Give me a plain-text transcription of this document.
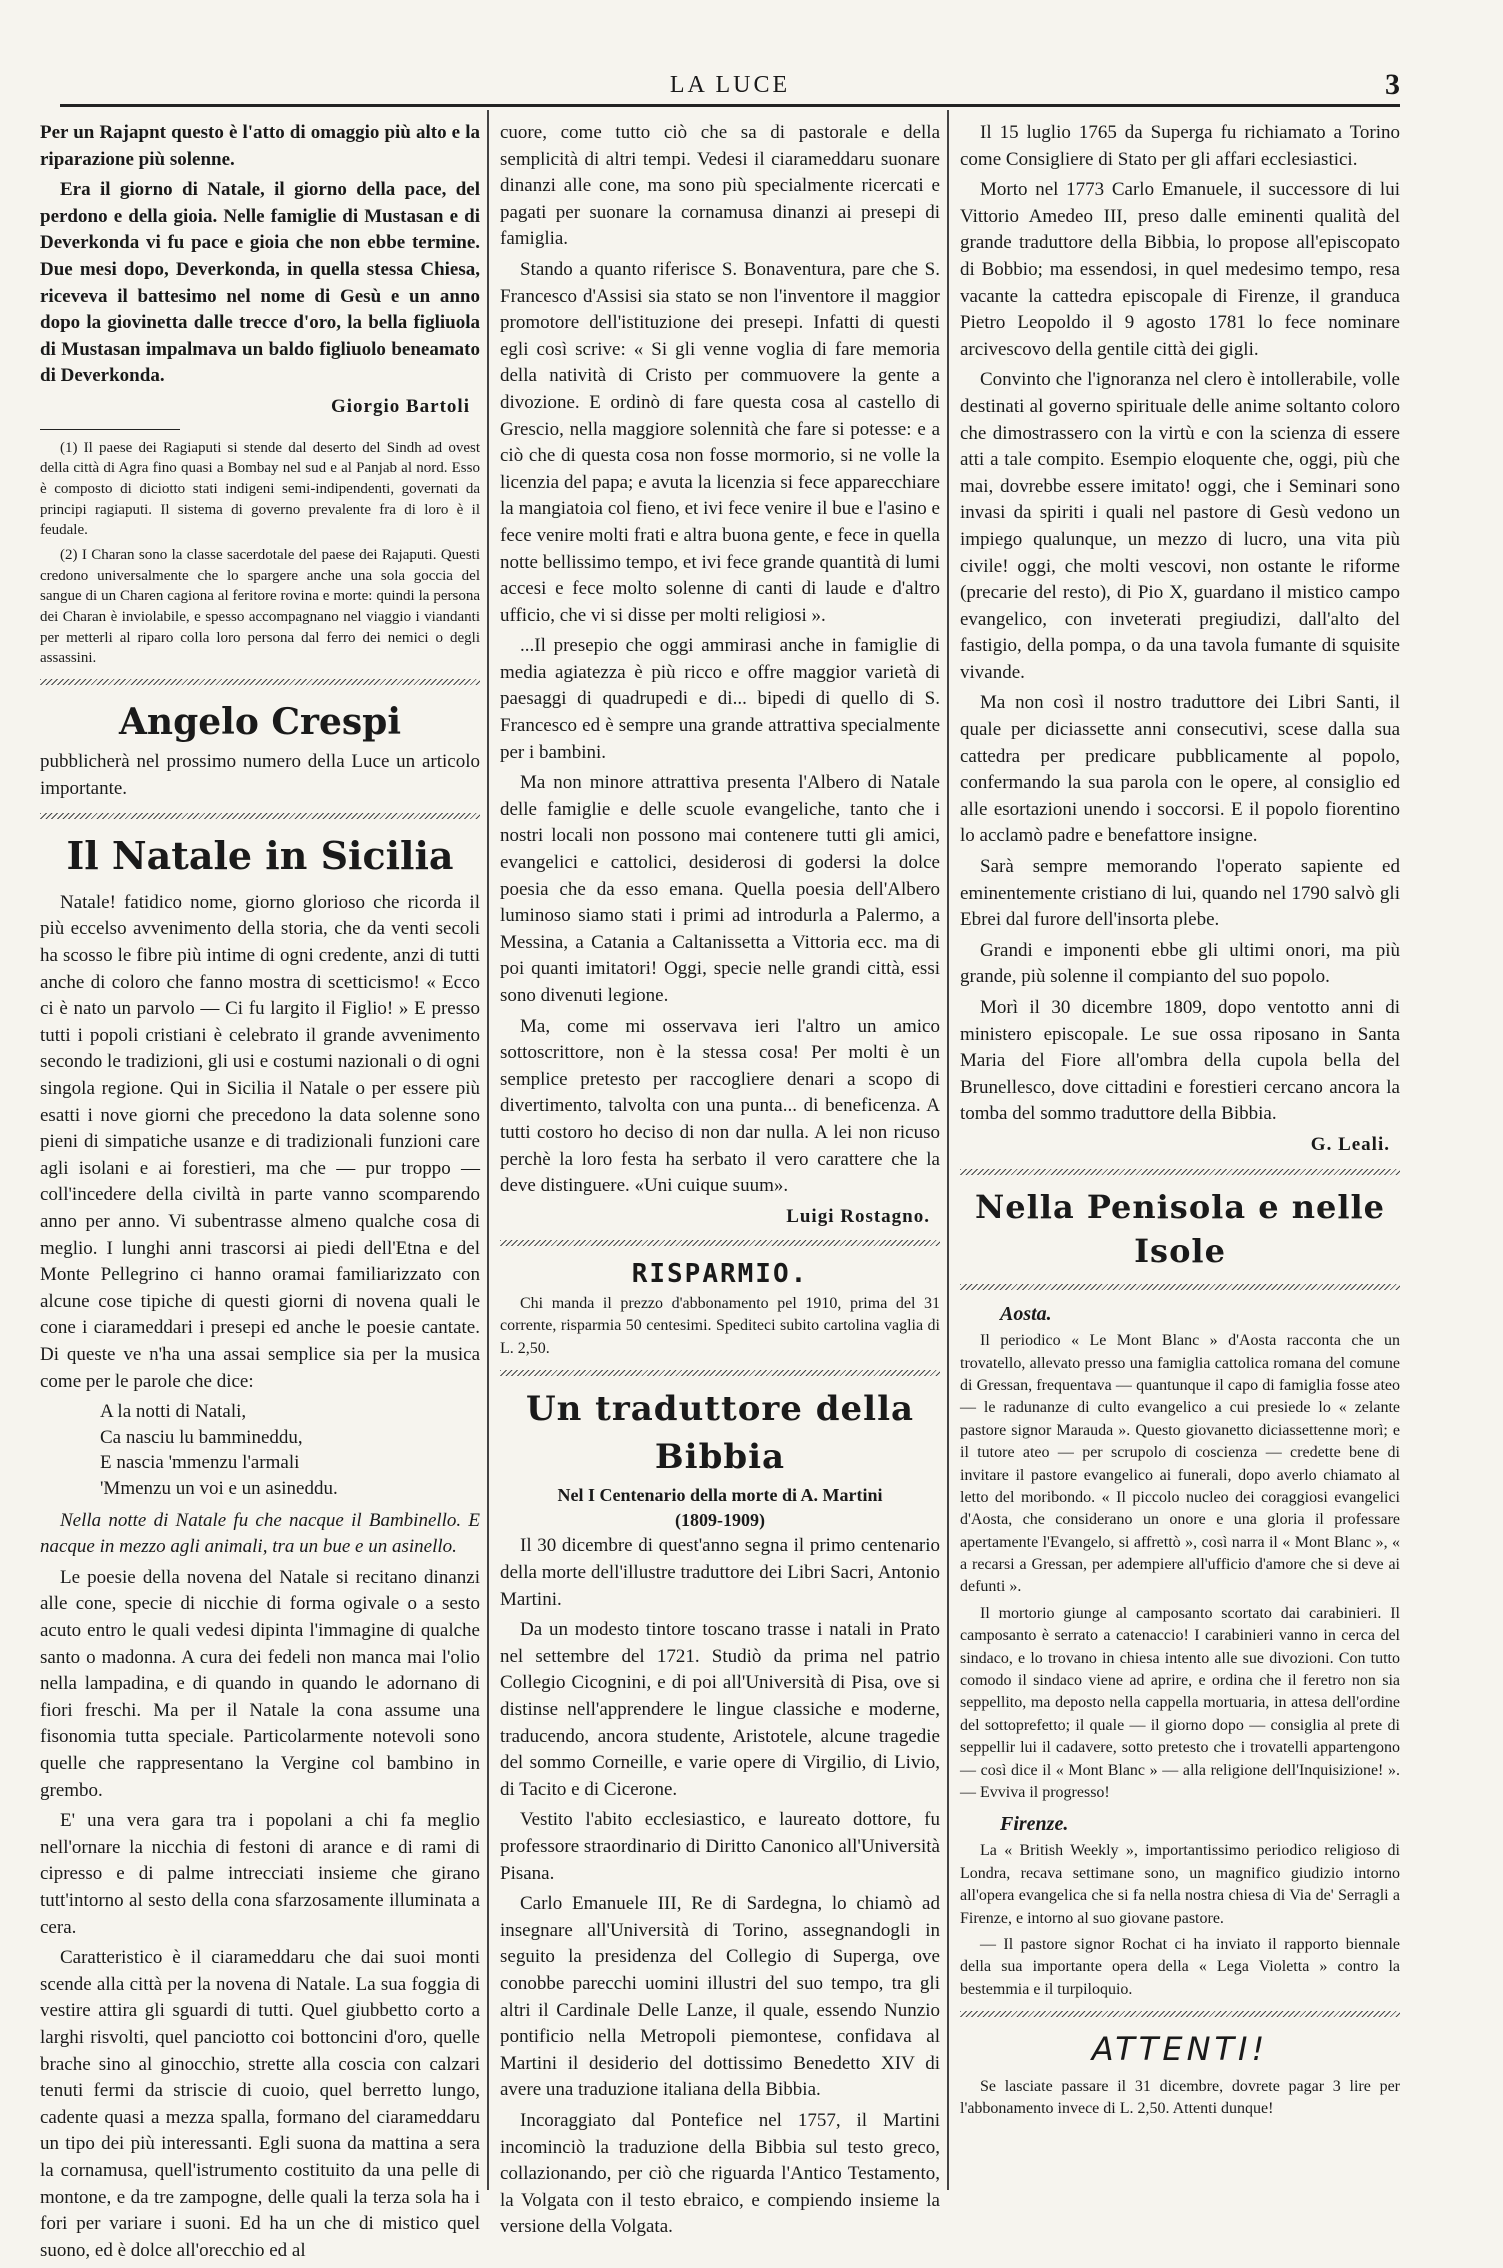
LA LUCE	3

Per un Rajapnt questo è l'atto di omaggio più alto e la riparazione più solenne.

Era il giorno di Natale, il giorno della pace, del perdono e della gioia. Nelle famiglie di Mustasan e di Deverkonda vi fu pace e gioia che non ebbe termine. Due mesi dopo, Deverkonda, in quella stessa Chiesa, riceveva il battesimo nel nome di Gesù e un anno dopo la giovinetta dalle trecce d'oro, la bella figliuola di Mustasan impalmava un baldo figliuolo beneamato di Deverkonda.

Giorgio Bartoli

(1) Il paese dei Ragiaputi si stende dal deserto del Sindh ad ovest della città di Agra fino quasi a Bombay nel sud e al Panjab al nord. Esso è composto di diciotto stati indigeni semi-indipendenti, governati da principi ragiaputi. Il sistema di governo prevalente fra di loro è il feudale.

(2) I Charan sono la classe sacerdotale del paese dei Rajaputi. Questi credono universalmente che lo spargere anche una sola goccia del sangue di un Charen cagiona al feritore rovina e morte: quindi la persona dei Charan è inviolabile, e spesso accompagnano nel viaggio i viandanti per metterli al riparo colla loro persona dal ferro dei nemici o degli assassini.

Angelo Crespi

pubblicherà nel prossimo numero della Luce un articolo importante.

Il Natale in Sicilia

Natale! fatidico nome, giorno glorioso che ricorda il più eccelso avvenimento della storia, che da venti secoli ha scosso le fibre più intime di ogni credente, anzi di tutti anche di coloro che fanno mostra di scetticismo! « Ecco ci è nato un parvolo — Ci fu largito il Figlio! » E presso tutti i popoli cristiani è celebrato il grande avvenimento secondo le tradizioni, gli usi e costumi nazionali o di ogni singola regione. Qui in Sicilia il Natale o per essere più esatti i nove giorni che precedono la data solenne sono pieni di simpatiche usanze e di tradizionali funzioni care agli isolani e ai forestieri, ma che — pur troppo — coll'incedere della civiltà in parte vanno scomparendo anno per anno. Vi subentrasse almeno qualche cosa di meglio. I lunghi anni trascorsi ai piedi dell'Etna e del Monte Pellegrino ci hanno oramai familiarizzato con alcune cose tipiche di questi giorni di novena quali le cone i ciarameddari i presepi ed anche le poesie cantate. Di queste ve n'ha una assai semplice sia per la musica come per le parole che dice:

A la notti di Natali,
Ca nasciu lu bammineddu,
E nascia 'mmenzu l'armali
'Mmenzu un voi e un asineddu.

Nella notte di Natale fu che nacque il Bambinello. E nacque in mezzo agli animali, tra un bue e un asinello.

Le poesie della novena del Natale si recitano dinanzi alle cone, specie di nicchie di forma ogivale o a sesto acuto entro le quali vedesi dipinta l'immagine di qualche santo o madonna. A cura dei fedeli non manca mai l'olio nella lampadina, e di quando in quando le adornano di fiori freschi. Ma per il Natale la cona assume una fisonomia tutta speciale. Particolarmente notevoli sono quelle che rappresentano la Vergine col bambino in grembo.

E' una vera gara tra i popolani a chi fa meglio nell'ornare la nicchia di festoni di arance e di rami di cipresso e di palme intrecciati insieme che girano tutt'intorno al sesto della cona sfarzosamente illuminata a cera.

Caratteristico è il ciarameddaru che dai suoi monti scende alla città per la novena di Natale. La sua foggia di vestire attira gli sguardi di tutti. Quel giubbetto corto a larghi risvolti, quel panciotto coi bottoncini d'oro, quelle brache sino al ginocchio, strette alla coscia con calzari tenuti fermi da striscie di cuoio, quel berretto lungo, cadente quasi a mezza spalla, formano del ciarameddaru un tipo dei più interessanti. Egli suona da mattina a sera la cornamusa, quell'istrumento costituito da una pelle di montone, e da tre zampogne, delle quali la terza sola ha i fori per variare i suoni. Ed ha un che di mistico quel suono, ed è dolce all'orecchio ed al

cuore, come tutto ciò che sa di pastorale e della semplicità di altri tempi. Vedesi il ciarameddaru suonare dinanzi alle cone, ma sono più specialmente ricercati e pagati per suonare la cornamusa dinanzi ai presepi di famiglia.

Stando a quanto riferisce S. Bonaventura, pare che S. Francesco d'Assisi sia stato se non l'inventore il maggior promotore dell'istituzione dei presepi. Infatti di questi egli così scrive: « Si gli venne voglia di fare memoria della natività di Cristo per commuovere la gente a divozione. E ordinò di fare questa cosa al castello di Grescio, nella maggiore solennità che fare si potesse: e a ciò che di questa cosa non fosse mormorio, si ne volle la licenzia del papa; e avuta la licenzia si fece apparecchiare la mangiatoia col fieno, et ivi fece venire il bue e l'asino e fece venire molti frati e altra buona gente, e fece in quella notte bellissimo tempo, et ivi fece grande quantità di lumi accesi e fece molto solenne di canti di laude e d'altro ufficio, che vi si disse per molti religiosi ».

...Il presepio che oggi ammirasi anche in famiglie di media agiatezza è più ricco e offre maggior varietà di paesaggi di quadrupedi e di... bipedi di quello di S. Francesco ed è sempre una grande attrattiva specialmente per i bambini.

Ma non minore attrattiva presenta l'Albero di Natale delle famiglie e delle scuole evangeliche, tanto che i nostri locali non possono mai contenere tutti gli amici, evangelici e cattolici, desiderosi di godersi la dolce poesia che da esso emana. Quella poesia dell'Albero luminoso siamo stati i primi ad introdurla a Palermo, a Messina, a Catania a Caltanissetta a Vittoria ecc. ma di poi quanti imitatori! Oggi, specie nelle grandi città, essi sono divenuti legione.

Ma, come mi osservava ieri l'altro un amico sottoscrittore, non è la stessa cosa! Per molti è un semplice pretesto per raccogliere denari a scopo di divertimento, talvolta con una punta... di beneficenza. A tutti costoro ho deciso di non dar nulla. A lei non ricuso perchè la loro festa ha serbato il vero carattere che la deve distinguere. «Uni cuique suum».

Luigi Rostagno.

RISPARMIO.

Chi manda il prezzo d'abbonamento pel 1910, prima del 31 corrente, risparmia 50 centesimi. Spediteci subito cartolina vaglia di L. 2,50.

Un traduttore della Bibbia

Nel I Centenario della morte di A. Martini

(1809-1909)

Il 30 dicembre di quest'anno segna il primo centenario della morte dell'illustre traduttore dei Libri Sacri, Antonio Martini.

Da un modesto tintore toscano trasse i natali in Prato nel settembre del 1721. Studiò da prima nel patrio Collegio Cicognini, e di poi all'Università di Pisa, ove si distinse nell'apprendere le lingue classiche e moderne, traducendo, ancora studente, Aristotele, alcune tragedie del sommo Corneille, e varie opere di Virgilio, di Livio, di Tacito e di Cicerone.

Vestito l'abito ecclesiastico, e laureato dottore, fu professore straordinario di Diritto Canonico all'Università Pisana.

Carlo Emanuele III, Re di Sardegna, lo chiamò ad insegnare all'Università di Torino, assegnandogli in seguito la presidenza del Collegio di Superga, ove conobbe parecchi uomini illustri del suo tempo, tra gli altri il Cardinale Delle Lanze, il quale, essendo Nunzio pontificio nella Metropoli piemontese, confidava al Martini il desiderio del dottissimo Benedetto XIV di avere una traduzione italiana della Bibbia.

Incoraggiato dal Pontefice nel 1757, il Martini incominciò la traduzione della Bibbia sul testo greco, collazionando, per ciò che riguarda l'Antico Testamento, la Volgata con il testo ebraico, e compiendo insieme la versione della Volgata.

Il 15 luglio 1765 da Superga fu richiamato a Torino come Consigliere di Stato per gli affari ecclesiastici.

Morto nel 1773 Carlo Emanuele, il successore di lui Vittorio Amedeo III, preso dalle eminenti qualità del grande traduttore della Bibbia, lo propose all'episcopato di Bobbio; ma essendosi, in quel medesimo tempo, resa vacante la cattedra episcopale di Firenze, il granduca Pietro Leopoldo il 9 agosto 1781 lo fece nominare arcivescovo della gentile città dei gigli.

Convinto che l'ignoranza nel clero è intollerabile, volle destinati al governo spirituale delle anime soltanto coloro che dimostrassero con la virtù e con la scienza di essere atti a tale compito. Esempio eloquente che, oggi, più che mai, dovrebbe essere imitato! oggi, che i Seminari sono invasi da spiriti i quali nel pastore di Gesù vedono un impiego qualunque, un mezzo di lucro, una vita più civile! oggi, che molti vescovi, non ostante le riforme (precarie del resto), di Pio X, guardano il mistico campo evangelico, con inveterati pregiudizi, dall'alto del fastigio, della pompa, o da una tavola fumante di squisite vivande.

Ma non così il nostro traduttore dei Libri Santi, il quale per diciassette anni consecutivi, scese dalla sua cattedra per predicare pubblicamente al popolo, confermando la sua parola con le opere, al consiglio ed alle esortazioni unendo i soccorsi. E il popolo fiorentino lo acclamò padre e benefattore insigne.

Sarà sempre memorando l'operato sapiente ed eminentemente cristiano di lui, quando nel 1790 salvò gli Ebrei dal furore dell'insorta plebe.

Grandi e imponenti ebbe gli ultimi onori, ma più grande, più solenne il compianto del suo popolo.

Morì il 30 dicembre 1809, dopo ventotto anni di ministero episcopale. Le sue ossa riposano in Santa Maria del Fiore all'ombra della cupola bella del Brunellesco, dove cittadini e forestieri cercano ancora la tomba del sommo traduttore della Bibbia.

G. Leali.

Nella Penisola e nelle Isole

Aosta.

Il periodico « Le Mont Blanc » d'Aosta racconta che un trovatello, allevato presso una famiglia cattolica romana del comune di Gressan, frequentava — quantunque il capo di famiglia fosse ateo — le radunanze di culto evangelico a cui presiede lo « zelante pastore signor Marauda ». Questo giovanetto diciassettenne morì; e il tutore ateo — per scrupolo di coscienza — credette bene di invitare il pastore evangelico ai funerali, dopo averlo chiamato al letto del moribondo. « Il piccolo nucleo dei coraggiosi evangelici d'Aosta, che considerano un onore e una gloria il professare apertamente l'Evangelo, si affrettò », così narra il « Mont Blanc », « a recarsi a Gressan, per adempiere all'ufficio d'amore che si deve ai defunti ».

Il mortorio giunge al camposanto scortato dai carabinieri. Il camposanto è serrato a catenaccio! I carabinieri vanno in cerca del sindaco, e lo trovano in chiesa intento alle sue divozioni. Con tutto comodo il sindaco viene ad aprire, e ordina che il feretro non sia seppellito, ma deposto nella cappella mortuaria, in attesa dell'ordine del sottoprefetto; il quale — il giorno dopo — consiglia al prete di seppellir lui il cadavere, sotto pretesto che i trovatelli appartengono — così dice il « Mont Blanc » — alla religione dell'Inquisizione! ». — Evviva il progresso!

Firenze.

La « British Weekly », importantissimo periodico religioso di Londra, recava settimane sono, un magnifico giudizio intorno all'opera evangelica che si fa nella nostra chiesa di Via de' Serragli a Firenze, e intorno al suo giovane pastore.

— Il pastore signor Rochat ci ha inviato il rapporto biennale della sua importante opera della « Lega Violetta » contro la bestemmia e il turpiloquio.

ATTENTI!

Se lasciate passare il 31 dicembre, dovrete pagar 3 lire per l'abbonamento invece di L. 2,50. Attenti dunque!
